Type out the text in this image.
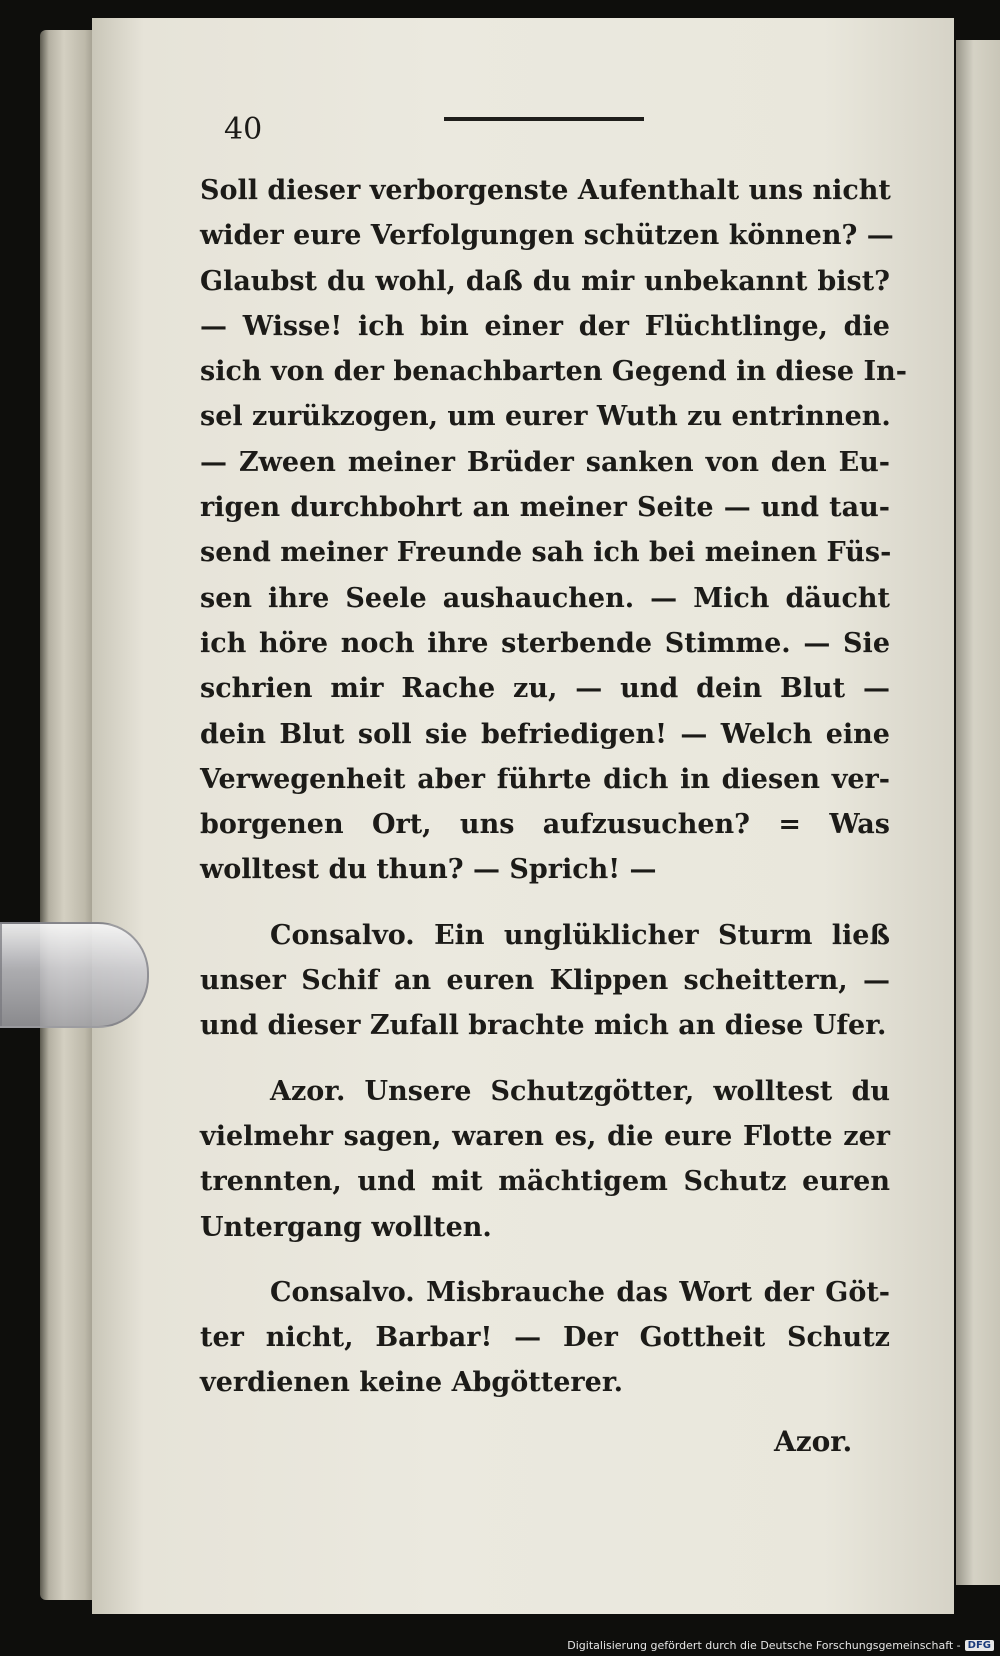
40
Soll dieser verborgenste Aufenthalt uns nicht
wider eure Verfolgungen schützen können? —
Glaubst du wohl, daß du mir unbekannt bist?
— Wisse! ich bin einer der Flüchtlinge, die
sich von der benachbarten Gegend in diese In-
sel zurükzogen, um eurer Wuth zu entrinnen.
— Zween meiner Brüder sanken von den Eu-
rigen durchbohrt an meiner Seite — und tau-
send meiner Freunde sah ich bei meinen Füs-
sen ihre Seele aushauchen. — Mich däucht
ich höre noch ihre sterbende Stimme. — Sie
schrien mir Rache zu, — und dein Blut —
dein Blut soll sie befriedigen! — Welch eine
Verwegenheit aber führte dich in diesen ver-
borgenen Ort, uns aufzusuchen? = Was
wolltest du thun? — Sprich! —
Consalvo. Ein unglüklicher Sturm ließ
unser Schif an euren Klippen scheittern, —
und dieser Zufall brachte mich an diese Ufer.
Azor. Unsere Schutzgötter, wolltest du
vielmehr sagen, waren es, die eure Flotte zer
trennten, und mit mächtigem Schutz euren
Untergang wollten.
Consalvo. Misbrauche das Wort der Göt-
ter nicht, Barbar! — Der Gottheit Schutz
verdienen keine Abgötterer.
Azor.
Digitalisierung gefördert durch die Deutsche Forschungsgemeinschaft - DFG
